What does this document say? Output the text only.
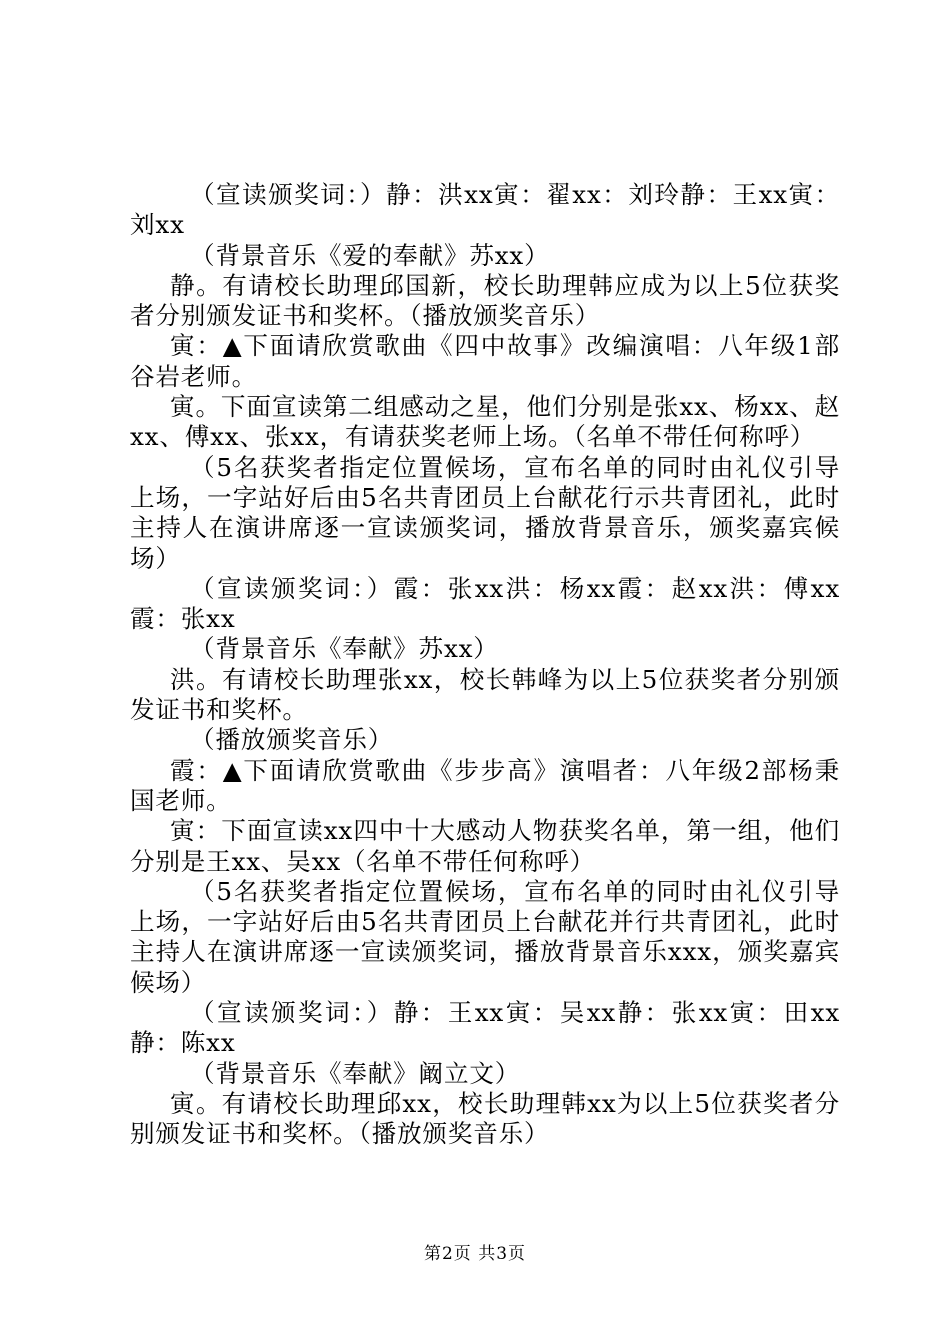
（宣读颁奖词：）静：洪xx寅：翟xx：刘玲静：王xx寅：刘xx

（背景音乐《爱的奉献》苏xx）

静。有请校长助理邱国新，校长助理韩应成为以上5位获奖者分别颁发证书和奖杯。（播放颁奖音乐）

寅：▲下面请欣赏歌曲《四中故事》改编演唱：八年级1部谷岩老师。

寅。下面宣读第二组感动之星，他们分别是张xx、杨xx、赵xx、傅xx、张xx，有请获奖老师上场。（名单不带任何称呼）

（5名获奖者指定位置候场，宣布名单的同时由礼仪引导上场，一字站好后由5名共青团员上台献花行示共青团礼，此时主持人在演讲席逐一宣读颁奖词，播放背景音乐，颁奖嘉宾候场）

（宣读颁奖词：）霞：张xx洪：杨xx霞：赵xx洪：傅xx霞：张xx

（背景音乐《奉献》苏xx）

洪。有请校长助理张xx，校长韩峰为以上5位获奖者分别颁发证书和奖杯。

（播放颁奖音乐）

霞：▲下面请欣赏歌曲《步步高》演唱者：八年级2部杨秉国老师。

寅：下面宣读xx四中十大感动人物获奖名单，第一组，他们分别是王xx、吴xx（名单不带任何称呼）

（5名获奖者指定位置候场，宣布名单的同时由礼仪引导上场，一字站好后由5名共青团员上台献花并行共青团礼，此时主持人在演讲席逐一宣读颁奖词，播放背景音乐xxx，颁奖嘉宾候场）

（宣读颁奖词：）静：王xx寅：吴xx静：张xx寅：田xx静：陈xx

（背景音乐《奉献》阚立文）

寅。有请校长助理邱xx，校长助理韩xx为以上5位获奖者分别颁发证书和奖杯。（播放颁奖音乐）

第2页 共3页
